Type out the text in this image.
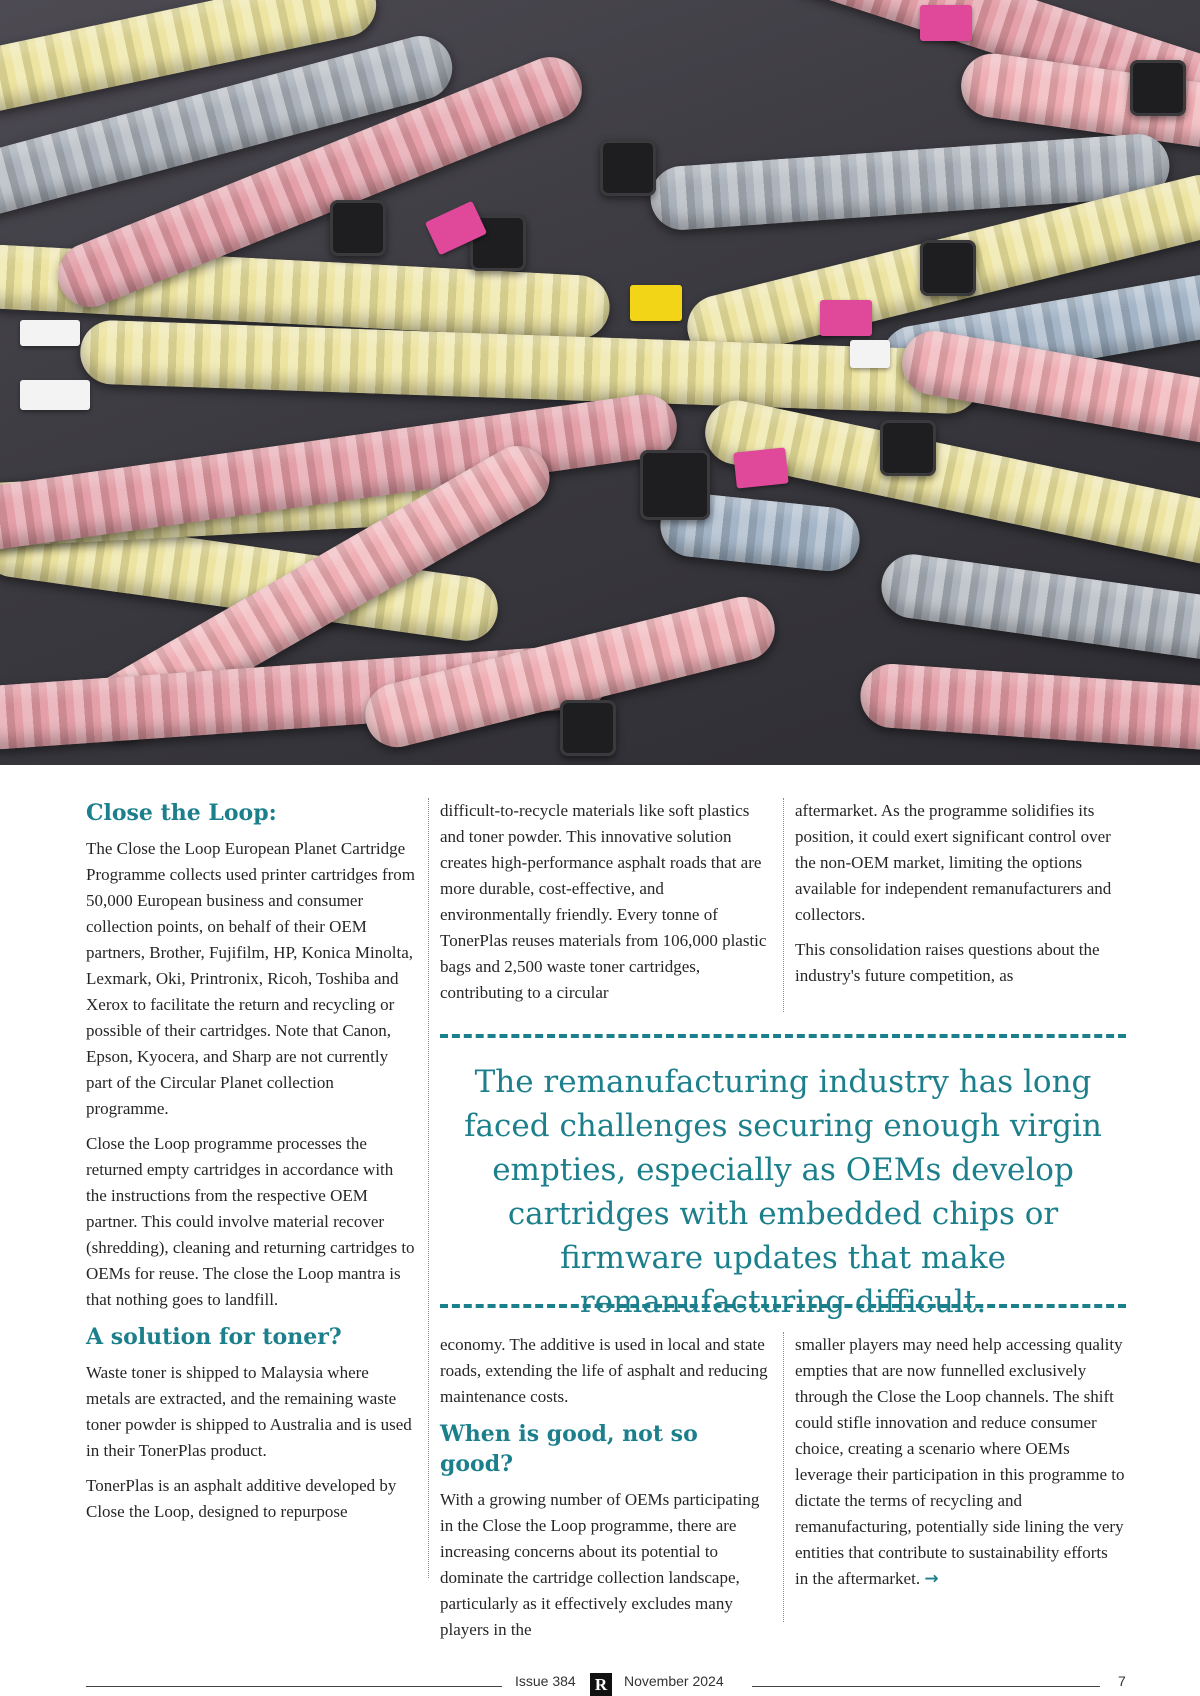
Close the Loop:

The Close the Loop European Planet Cartridge Programme collects used printer cartridges from 50,000 European business and consumer collection points, on behalf of their OEM partners, Brother, Fujifilm, HP, Konica Minolta, Lexmark, Oki, Printronix, Ricoh, Toshiba and Xerox to facilitate the return and recycling or possible of their cartridges. Note that Canon, Epson, Kyocera, and Sharp are not currently part of the Circular Planet collection programme.

Close the Loop programme processes the returned empty cartridges in accordance with the instructions from the respective OEM partner. This could involve material recover (shredding), cleaning and returning cartridges to OEMs for reuse. The close the Loop mantra is that nothing goes to landfill.

A solution for toner?

Waste toner is shipped to Malaysia where metals are extracted, and the remaining waste toner powder is shipped to Australia and is used in their TonerPlas product.

TonerPlas is an asphalt additive developed by Close the Loop, designed to repurpose

difficult-to-recycle materials like soft plastics and toner powder. This innovative solution creates high-performance asphalt roads that are more durable, cost-effective, and environmentally friendly. Every tonne of TonerPlas reuses materials from 106,000 plastic bags and 2,500 waste toner cartridges, contributing to a circular

aftermarket. As the programme solidifies its position, it could exert significant control over the non-OEM market, limiting the options available for independent remanufacturers and collectors.

This consolidation raises questions about the industry's future competition, as

The remanufacturing industry has long faced challenges securing enough virgin empties, especially as OEMs develop cartridges with embedded chips or firmware updates that make remanufacturing difficult.

economy. The additive is used in local and state roads, extending the life of asphalt and reducing maintenance costs.

When is good, not so good?

With a growing number of OEMs participating in the Close the Loop programme, there are increasing concerns about its potential to dominate the cartridge collection landscape, particularly as it effectively excludes many players in the

smaller players may need help accessing quality empties that are now funnelled exclusively through the Close the Loop channels. The shift could stifle innovation and reduce consumer choice, creating a scenario where OEMs leverage their participation in this programme to dictate the terms of recycling and remanufacturing, potentially side lining the very entities that contribute to sustainability efforts in the aftermarket. →

Issue 384 R	November 2024	7
